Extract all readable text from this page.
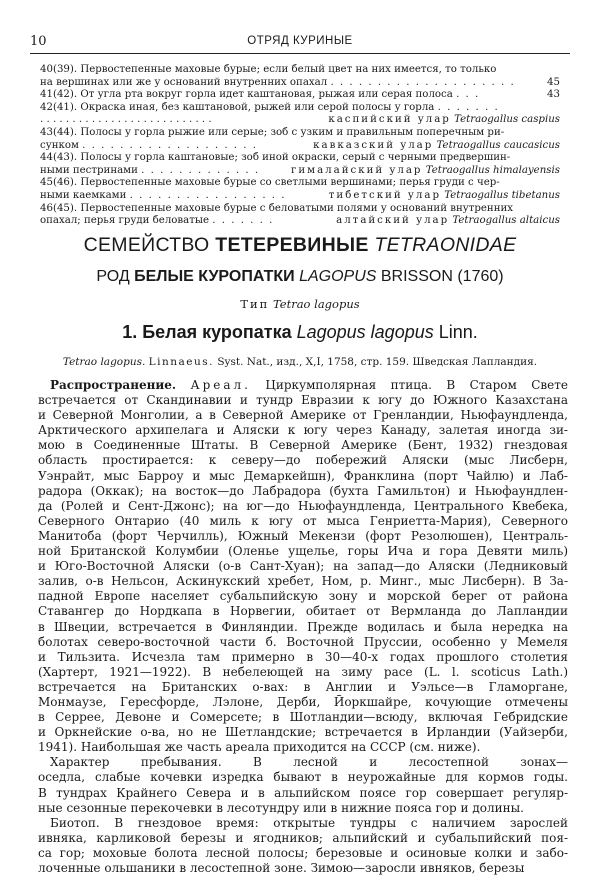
10	ОТРЯД КУРИНЫЕ
40(39). Первостепенные маховые бурые; если белый цвет на них имеется, то только
45
на вершинах или же у оснований внутренних опахал . . . . . . . . . . . . . . . . . . . .
43
41(42). От угла рта вокруг горла идет каштановая, рыжая или серая полоса . . .
42(41). Окраска иная, без каштановой, рыжей или серой полосы у горла . . . . . . .
каспийский улар Tetraogallus caspius
. . . . . . . . . . . . . . . . . . . . . . . . . . .
43(44). Полосы у горла рыжие или серые; зоб с узким и правильным поперечным ри-
кавказский улар Tetraogallus caucasicus
сунком . . . . . . . . . . . . . . . . . . .
44(43). Полосы у горла каштановые; зоб иной окраски, серый с черными предвершин-
гималайский улар Tetraogallus himalayensis
ными пестринами . . . . . . . . . . . . .
45(46). Первостепенные маховые бурые со светлыми вершинами; перья груди с чер-
тибетский улар Tetraogallus tibetanus
ными каемками . . . . . . . . . . . . . . . . .
46(45). Первостепенные маховые бурые с беловатыми полями у оснований внутренних
алтайский улар Tetraogallus altaicus
опахал; перья груди беловатые . . . . . . .
СЕМЕЙСТВО ТЕТЕРЕВИНЫЕ TETRAONIDAE
РОД БЕЛЫЕ КУРОПАТКИ LAGOPUS BRISSON (1760)
Тип Tetrao lagopus
1. Белая куропатка Lagopus lagopus Linn.
Tetrao lagopus. Linnaeus. Syst. Nat., изд., X,I, 1758, стр. 159. Шведская Лапландия.
Распространение. Ареал. Циркумполярная птица. В Старом Свете
встречается от Скандинавии и тундр Евразии к югу до Южного Казахстана
и Северной Монголии, а в Северной Америке от Гренландии, Ньюфаундленда,
Арктического архипелага и Аляски к югу через Канаду, залетая иногда зи-
мою в Соединенные Штаты. В Северной Америке (Бент, 1932) гнездовая
область простирается: к северу—до побережий Аляски (мыс Лисберн,
Уэнрайт, мыс Барроу и мыс Демаркейшн), Франклина (порт Чайлю) и Лаб-
радора (Оккак); на восток—до Лабрадора (бухта Гамильтон) и Ньюфаундлен-
да (Ролей и Сент-Джонс); на юг—до Ньюфаундленда, Центрального Квебека,
Северного Онтарио (40 миль к югу от мыса Генриетта-Мария), Северного
Манитоба (форт Черчилль), Южный Мекензи (форт Резолюшен), Централь-
ной Британской Колумбии (Оленье ущелье, горы Ича и гора Девяти миль)
и Юго-Восточной Аляски (о-в Сант-Хуан); на запад—до Аляски (Ледниковый
залив, о-в Нельсон, Аскинукский хребет, Ном, р. Минг., мыс Лисберн). В За-
падной Европе населяет субальпийскую зону и морской берег от района
Ставангер до Нордкапа в Норвегии, обитает от Вермланда до Лапландии
в Швеции, встречается в Финляндии. Прежде водилась и была нередка на
болотах северо-восточной части б. Восточной Пруссии, особенно у Мемеля
и Тильзита. Исчезла там примерно в 30—40-х годах прошлого столетия
(Хартерт, 1921—1922). В небелеющей на зиму расе (L. l. scoticus Lath.)
встречается на Британских о-вах: в Англии и Уэльсе—в Гламоргане,
Монмаузе, Гересфорде, Лэлоне, Дерби, Йоркшайре, кочующие отмечены
в Серрее, Девоне и Сомерсете; в Шотландии—всюду, включая Гебридские
и Оркнейские о-ва, но не Шетландские; встречается в Ирландии (Уайзерби,
1941). Наибольшая же часть ареала приходится на СССР (см. ниже).
Характер пребывания. В лесной и лесостепной зонах—
оседла, слабые кочевки изредка бывают в неурожайные для кормов годы.
В тундрах Крайнего Севера и в альпийском поясе гор совершает регуляр-
ные сезонные перекочевки в лесотундру или в нижние пояса гор и долины.
Биотоп. В гнездовое время: открытые тундры с наличием зарослей
ивняка, карликовой березы и ягодников; альпийский и субальпийский поя-
са гор; моховые болота лесной полосы; березовые и осиновые колки и забо-
лоченные ольшаники в лесостепной зоне. Зимою—заросли ивняков, березы
